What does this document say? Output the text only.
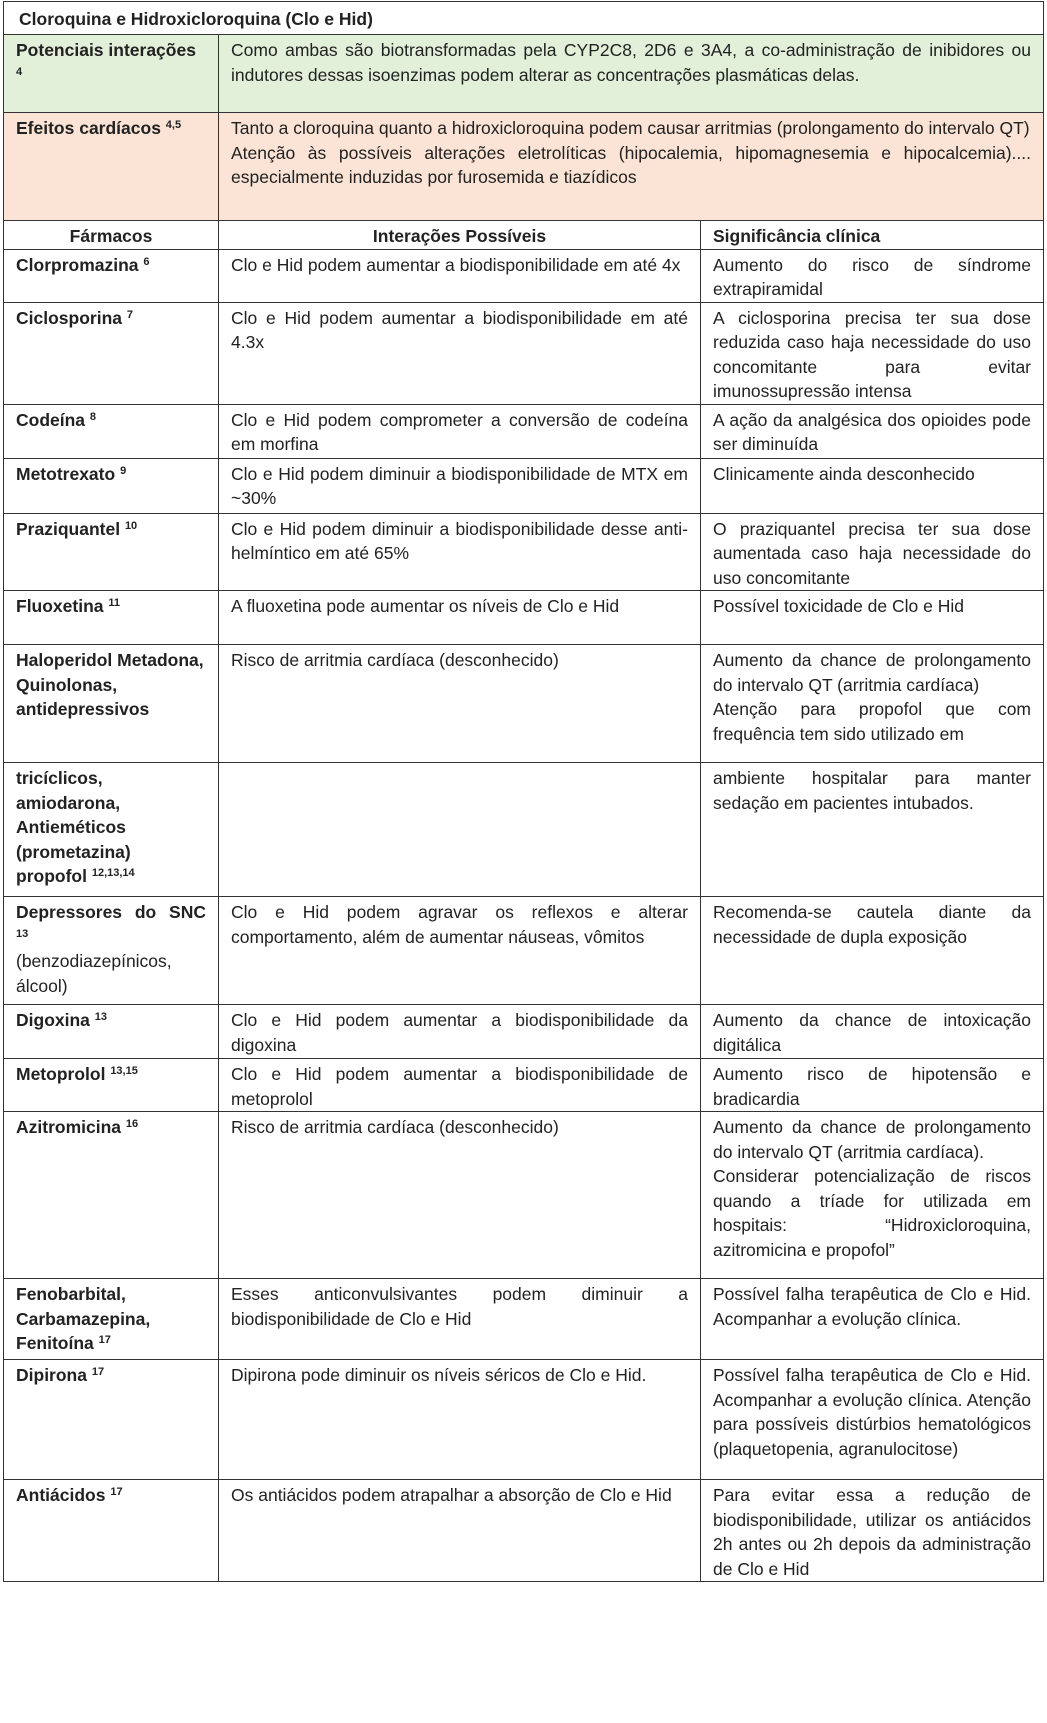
Cloroquina e Hidroxicloroquina (Clo e Hid)		
Potenciais interações $^4$	Como ambas são biotransformadas pela CYP2C8, 2D6 e 3A4, a co-administração de inibidores ou indutores dessas isoenzimas podem alterar as concentrações plasmáticas delas.	
Efeitos cardíacos $^{4,5}$	Tanto a cloroquina quanto a hidroxicloroquina podem causar arritmias (prolongamento do intervalo QT)
Atenção às possíveis alterações eletrolíticas (hipocalemia, hipomagnesemia e hipocalcemia).... especialmente induzidas por furosemida e tiazídicos	

Fármacos	Interações Possíveis	Significância clínica
Clorpromazina $^6$	Clo e Hid podem aumentar a biodisponibilidade em até 4x	Aumento do risco de síndrome extrapiramidal

Ciclosporina $^7$	Clo e Hid podem aumentar a biodisponibilidade em até 4.3x	A ciclosporina precisa ter sua dose reduzida caso haja necessidade do uso concomitante para evitar imunossupressão intensa

Codeína $^8$	Clo e Hid podem comprometer a conversão de codeína em morfina	A ação da analgésica dos opioides pode ser diminuída

Metotrexato $^9$	Clo e Hid podem diminuir a biodisponibilidade de MTX em ~30%	Clinicamente ainda desconhecido

Praziquantel $^{10}$	Clo e Hid podem diminuir a biodisponibilidade desse anti-helmíntico em até 65%	O praziquantel precisa ter sua dose aumentada caso haja necessidade do uso concomitante

Fluoxetina $^{11}$	A fluoxetina pode aumentar os níveis de Clo e Hid	Possível toxicidade de Clo e Hid

Haloperidol Metadona, Quinolonas, antidepressivos	Risco de arritmia cardíaca (desconhecido)	Aumento da chance de prolongamento do intervalo QT (arritmia cardíaca)
Atenção para propofol que com frequência tem sido utilizado em

tricíclicos, amiodarona, Antieméticos (prometazina) propofol $^{12,13,14}$		ambiente hospitalar para manter sedação em pacientes intubados.

Depressores do SNC $^{13}$
(benzodiazepínicos, álcool)	Clo e Hid podem agravar os reflexos e alterar comportamento, além de aumentar náuseas, vômitos	Recomenda-se cautela diante da necessidade de dupla exposição

Digoxina $^{13}$	Clo e Hid podem aumentar a biodisponibilidade da digoxina	Aumento da chance de intoxicação digitálica

Metoprolol $^{13,15}$	Clo e Hid podem aumentar a biodisponibilidade de metoprolol	Aumento risco de hipotensão e bradicardia

Azitromicina $^{16}$	Risco de arritmia cardíaca (desconhecido)	Aumento da chance de prolongamento do intervalo QT (arritmia cardíaca).
Considerar potencialização de riscos quando a tríade for utilizada em hospitais: “Hidroxicloroquina, azitromicina e propofol”

Fenobarbital, Carbamazepina, Fenitoína $^{17}$	Esses anticonvulsivantes podem diminuir a biodisponibilidade de Clo e Hid	Possível falha terapêutica de Clo e Hid. Acompanhar a evolução clínica.

Dipirona $^{17}$	Dipirona pode diminuir os níveis séricos de Clo e Hid.	Possível falha terapêutica de Clo e Hid. Acompanhar a evolução clínica. Atenção para possíveis distúrbios hematológicos (plaquetopenia, agranulocitose)

Antiácidos $^{17}$	Os antiácidos podem atrapalhar a absorção de Clo e Hid	Para evitar essa a redução de biodisponibilidade, utilizar os antiácidos 2h antes ou 2h depois da administração de Clo e Hid
